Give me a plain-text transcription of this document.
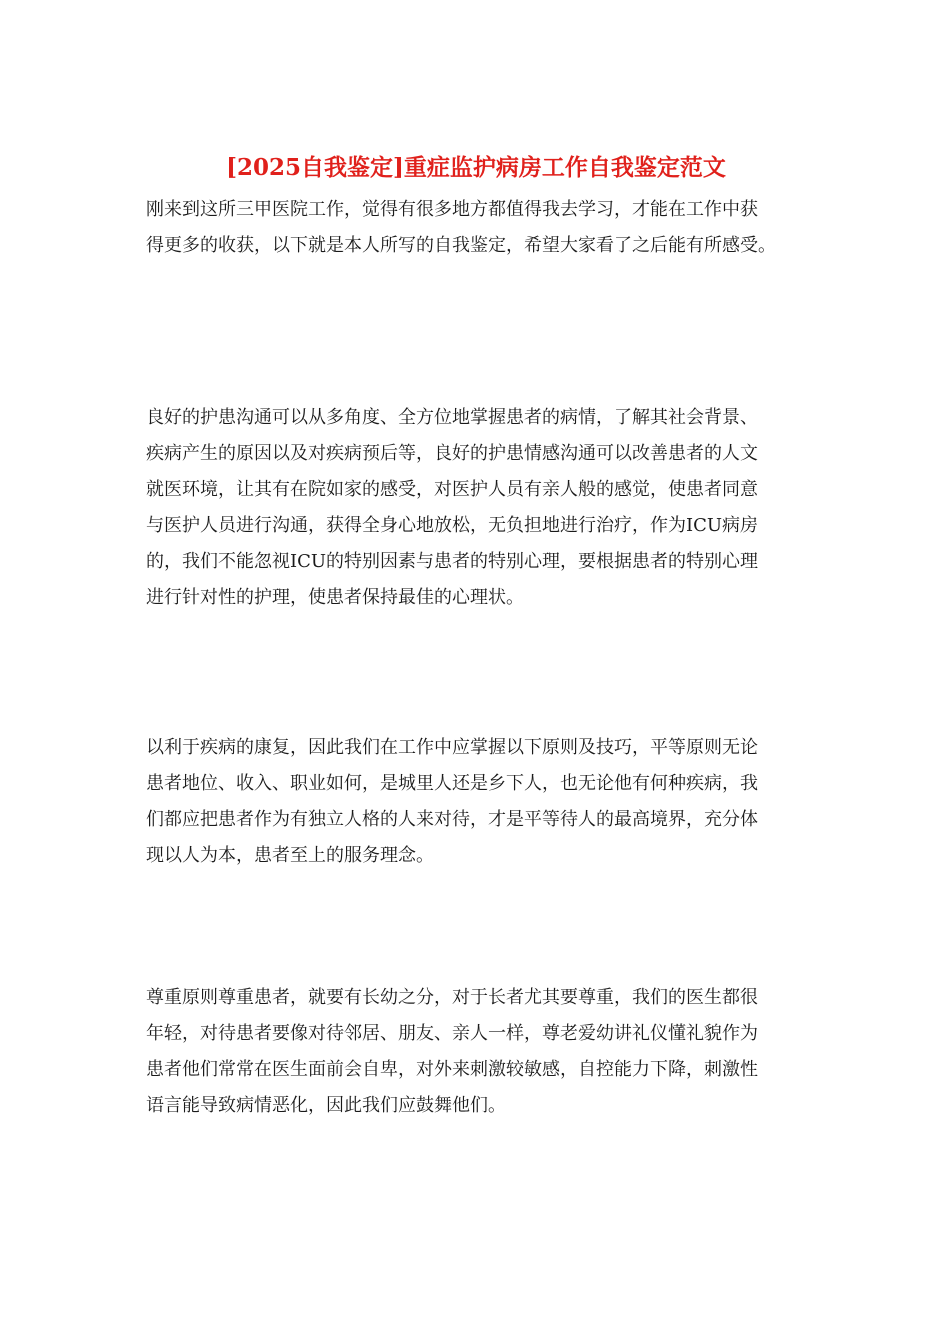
[2025自我鉴定]重症监护病房工作自我鉴定范文
刚来到这所三甲医院工作，觉得有很多地方都值得我去学习，才能在工作中获
得更多的收获，以下就是本人所写的自我鉴定，希望大家看了之后能有所感受。
良好的护患沟通可以从多角度、全方位地掌握患者的病情，了解其社会背景、
疾病产生的原因以及对疾病预后等，良好的护患情感沟通可以改善患者的人文
就医环境，让其有在院如家的感受，对医护人员有亲人般的感觉，使患者同意
与医护人员进行沟通，获得全身心地放松，无负担地进行治疗，作为ICU病房
的，我们不能忽视ICU的特别因素与患者的特别心理，要根据患者的特别心理
进行针对性的护理，使患者保持最佳的心理状。
以利于疾病的康复，因此我们在工作中应掌握以下原则及技巧，平等原则无论
患者地位、收入、职业如何，是城里人还是乡下人，也无论他有何种疾病，我
们都应把患者作为有独立人格的人来对待，才是平等待人的最高境界，充分体
现以人为本，患者至上的服务理念。
尊重原则尊重患者，就要有长幼之分，对于长者尤其要尊重，我们的医生都很
年轻，对待患者要像对待邻居、朋友、亲人一样，尊老爱幼讲礼仪懂礼貌作为
患者他们常常在医生面前会自卑，对外来刺激较敏感，自控能力下降，刺激性
语言能导致病情恶化，因此我们应鼓舞他们。
